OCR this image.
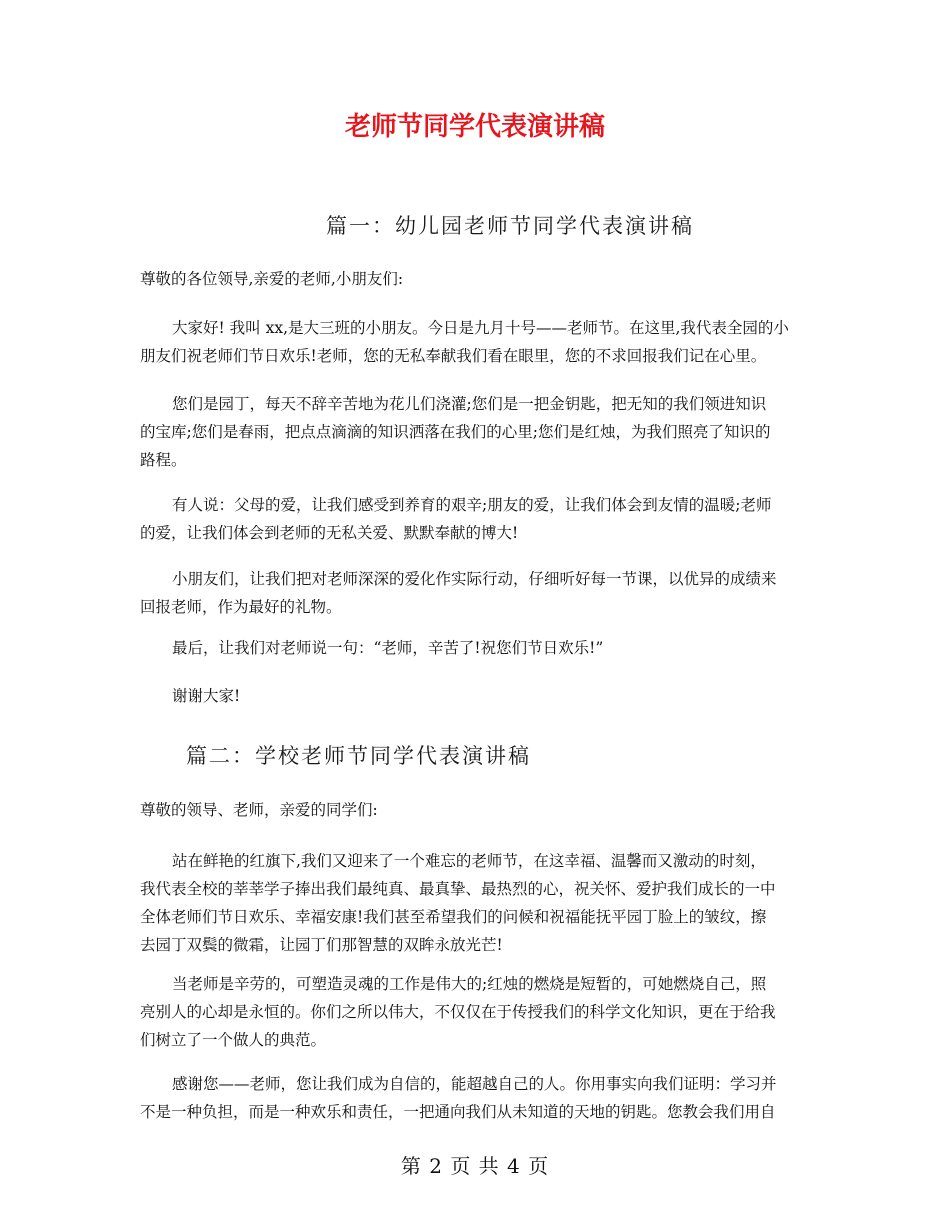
老师节同学代表演讲稿
篇一：幼儿园老师节同学代表演讲稿
尊敬的各位领导,亲爱的老师,小朋友们:
大家好! 我叫 xx,是大三班的小朋友。今日是九月十号——老师节。在这里,我代表全园的小
朋友们祝老师们节日欢乐!老师，您的无私奉献我们看在眼里，您的不求回报我们记在心里。
您们是园丁，每天不辞辛苦地为花儿们浇灌;您们是一把金钥匙，把无知的我们领进知识
的宝库;您们是春雨，把点点滴滴的知识洒落在我们的心里;您们是红烛，为我们照亮了知识的
路程。
有人说：父母的爱，让我们感受到养育的艰辛;朋友的爱，让我们体会到友情的温暖;老师
的爱，让我们体会到老师的无私关爱、默默奉献的博大!
小朋友们，让我们把对老师深深的爱化作实际行动，仔细听好每一节课，以优异的成绩来
回报老师，作为最好的礼物。
最后，让我们对老师说一句：“老师，辛苦了!祝您们节日欢乐!”
谢谢大家!
篇二：学校老师节同学代表演讲稿
尊敬的领导、老师，亲爱的同学们:
站在鲜艳的红旗下,我们又迎来了一个难忘的老师节，在这幸福、温馨而又激动的时刻，
我代表全校的莘莘学子捧出我们最纯真、最真挚、最热烈的心，祝关怀、爱护我们成长的一中
全体老师们节日欢乐、幸福安康!我们甚至希望我们的问候和祝福能抚平园丁脸上的皱纹，擦
去园丁双鬓的微霜，让园丁们那智慧的双眸永放光芒!
当老师是辛劳的，可塑造灵魂的工作是伟大的;红烛的燃烧是短暂的，可她燃烧自己，照
亮别人的心却是永恒的。你们之所以伟大，不仅仅在于传授我们的科学文化知识，更在于给我
们树立了一个做人的典范。
感谢您——老师，您让我们成为自信的，能超越自己的人。你用事实向我们证明：学习并
不是一种负担，而是一种欢乐和责任，一把通向我们从未知道的天地的钥匙。您教会我们用自
第 2 页 共 4 页
